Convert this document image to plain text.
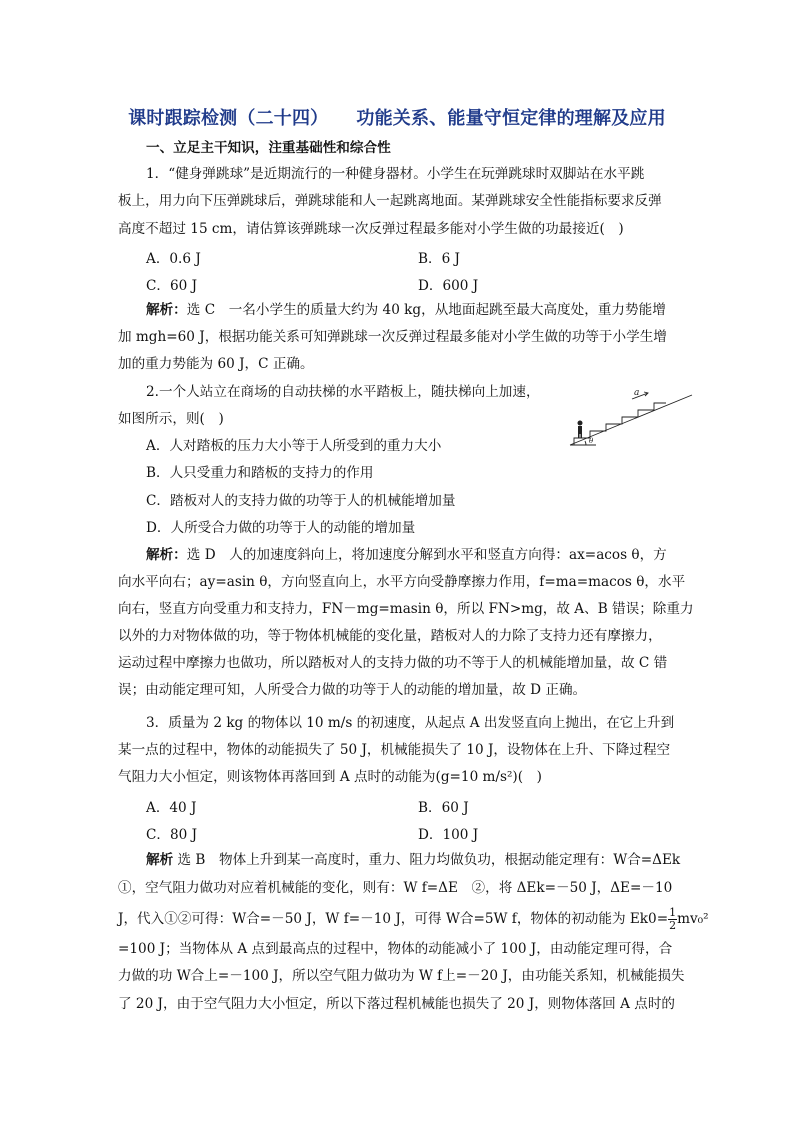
课时跟踪检测（二十四） 功能关系、能量守恒定律的理解及应用
一、立足主干知识，注重基础性和综合性
1．“健身弹跳球”是近期流行的一种健身器材。小学生在玩弹跳球时双脚站在水平跳
板上，用力向下压弹跳球后，弹跳球能和人一起跳离地面。某弹跳球安全性能指标要求反弹
高度不超过 15 cm，请估算该弹跳球一次反弹过程最多能对小学生做的功最接近(　)
A．0.6 J	B．6 J
C．60 J	D．600 J
解析：选 C　一名小学生的质量大约为 40 kg，从地面起跳至最大高度处，重力势能增
加 mgh=60 J，根据功能关系可知弹跳球一次反弹过程最多能对小学生做的功等于小学生增
加的重力势能为 60 J，C 正确。
2.一个人站立在商场的自动扶梯的水平踏板上，随扶梯向上加速，
如图所示，则(　)
a
θ
A．人对踏板的压力大小等于人所受到的重力大小
B．人只受重力和踏板的支持力的作用
C．踏板对人的支持力做的功等于人的机械能增加量
D．人所受合力做的功等于人的动能的增加量
解析：选 D　人的加速度斜向上，将加速度分解到水平和竖直方向得：ax=acos θ，方
向水平向右；ay=asin θ，方向竖直向上，水平方向受静摩擦力作用，f=ma=macos θ，水平
向右，竖直方向受重力和支持力，FN－mg=masin θ，所以 FN>mg，故 A、B 错误；除重力
以外的力对物体做的功，等于物体机械能的变化量，踏板对人的力除了支持力还有摩擦力，
运动过程中摩擦力也做功，所以踏板对人的支持力做的功不等于人的机械能增加量，故 C 错
误；由动能定理可知，人所受合力做的功等于人的动能的增加量，故 D 正确。
3．质量为 2 kg 的物体以 10 m/s 的初速度，从起点 A 出发竖直向上抛出，在它上升到
某一点的过程中，物体的动能损失了 50 J，机械能损失了 10 J，设物体在上升、下降过程空
气阻力大小恒定，则该物体再落回到 A 点时的动能为(g=10 m/s²)(　)
A．40 J	B．60 J
C．80 J	D．100 J
解析 选 B　物体上升到某一高度时，重力、阻力均做负功，根据动能定理有：W合=ΔEk
①，空气阻力做功对应着机械能的变化，则有：W f=ΔE　②，将 ΔEk=－50 J，ΔE=－10
J，代入①②可得：W合=－50 J，W f=－10 J，可得 W合=5W f，物体的初动能为 $Ek0= \frac{1}{2} mv_0^2$
=100 J；当物体从 A 点到最高点的过程中，物体的动能减小了 100 J，由动能定理可得，合
力做的功 W合上=－100 J，所以空气阻力做功为 W f上=－20 J，由功能关系知，机械能损失
了 20 J，由于空气阻力大小恒定，所以下落过程机械能也损失了 20 J，则物体落回 A 点时的
